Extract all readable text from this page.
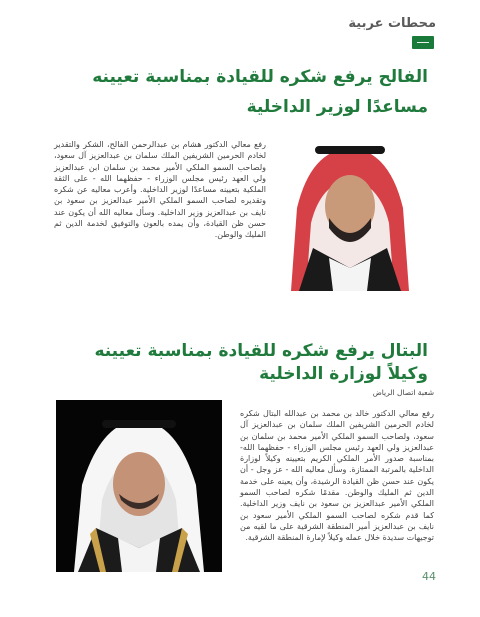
محطات عربية
الفالح يرفع شكره للقيادة بمناسبة تعيينه
مساعدًا لوزير الداخلية
رفع معالي الدكتور هشام بن عبدالرحمن الفالح، الشكر والتقدير لخادم الحرمين الشريفين الملك سلمان بن عبدالعزيز آل سعود، ولصاحب السمو الملكي الأمير محمد بن سلمان ابن عبدالعزيز ولي العهد رئيس مجلس الوزراء - حفظهما الله - على الثقة الملكية بتعيينه مساعدًا لوزير الداخلية. وأعرب معاليه عن شكره وتقديره لصاحب السمو الملكي الأمير عبدالعزيز بن سعود بن نايف بن عبدالعزيز وزير الداخلية. وسأل معاليه الله أن يكون عند حسن ظن القيادة، وأن يمده بالعون والتوفيق لخدمة الدين ثم المليك والوطن.
البتال يرفع شكره للقيادة بمناسبة تعيينه
وكيلاً لوزارة الداخلية
شعبة اتصال الرياض
رفع معالي الدكتور خالد بن محمد بن عبدالله البتال شكره لخادم الحرمين الشريفين الملك سلمان بن عبدالعزيز آل سعود، ولصاحب السمو الملكي الأمير محمد بن سلمان بن عبدالعزيز ولي العهد رئيس مجلس الوزراء - حفظهما الله- بمناسبة صدور الأمر الملكي الكريم بتعيينه وكيلاً لوزارة الداخلية بالمرتبة الممتازة. وسأل معاليه الله - عز وجل - أن يكون عند حسن ظن القيادة الرشيدة، وأن يعينه على خدمة الدين ثم المليك والوطن. مقدمًا شكره لصاحب السمو الملكي الأمير عبدالعزيز بن سعود بن نايف وزير الداخلية. كما قدم شكره لصاحب السمو الملكي الأمير سعود بن نايف بن عبدالعزيز أمير المنطقة الشرقية على ما لقيه من توجيهات سديدة خلال عمله وكيلاً لإمارة المنطقة الشرقية.
44
